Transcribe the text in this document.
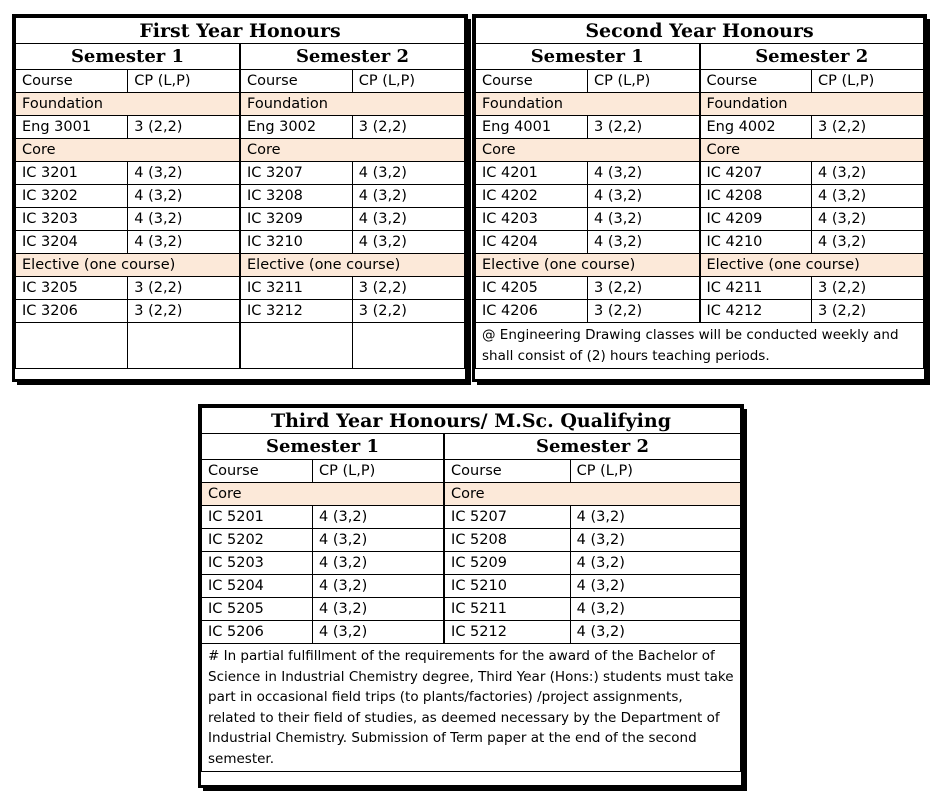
First Year Honours			
Semester 1		Semester 2	
Course	CP (L,P)	Course	CP (L,P)
Foundation		Foundation	
Eng 3001	3 (2,2)	Eng 3002	3 (2,2)
Core		Core	
IC 3201	4 (3,2)	IC 3207	4 (3,2)
IC 3202	4 (3,2)	IC 3208	4 (3,2)
IC 3203	4 (3,2)	IC 3209	4 (3,2)
IC 3204	4 (3,2)	IC 3210	4 (3,2)
Elective (one course)		Elective (one course)	
IC 3205	3 (2,2)	IC 3211	3 (2,2)
IC 3206	3 (2,2)	IC 3212	3 (2,2)

Second Year Honours			
Semester 1		Semester 2	
Course	CP (L,P)	Course	CP (L,P)
Foundation		Foundation	
Eng 4001	3 (2,2)	Eng 4002	3 (2,2)
Core		Core	
IC 4201	4 (3,2)	IC 4207	4 (3,2)
IC 4202	4 (3,2)	IC 4208	4 (3,2)
IC 4203	4 (3,2)	IC 4209	4 (3,2)
IC 4204	4 (3,2)	IC 4210	4 (3,2)
Elective (one course)		Elective (one course)	
IC 4205	3 (2,2)	IC 4211	3 (2,2)
IC 4206	3 (2,2)	IC 4212	3 (2,2)
@ Engineering Drawing classes will be conducted weekly and shall consist of (2) hours teaching periods.			
Third Year Honours/ M.Sc. Qualifying			
Semester 1		Semester 2	
Course	CP (L,P)	Course	CP (L,P)
Core		Core	
IC 5201	4 (3,2)	IC 5207	4 (3,2)
IC 5202	4 (3,2)	IC 5208	4 (3,2)
IC 5203	4 (3,2)	IC 5209	4 (3,2)
IC 5204	4 (3,2)	IC 5210	4 (3,2)
IC 5205	4 (3,2)	IC 5211	4 (3,2)
IC 5206	4 (3,2)	IC 5212	4 (3,2)
# In partial fulfillment of the requirements for the award of the Bachelor of Science in Industrial Chemistry degree, Third Year (Hons:) students must take part in occasional field trips (to plants/factories) /project assignments, related to their field of studies, as deemed necessary by the Department of Industrial Chemistry. Submission of Term paper at the end of the second semester.			
